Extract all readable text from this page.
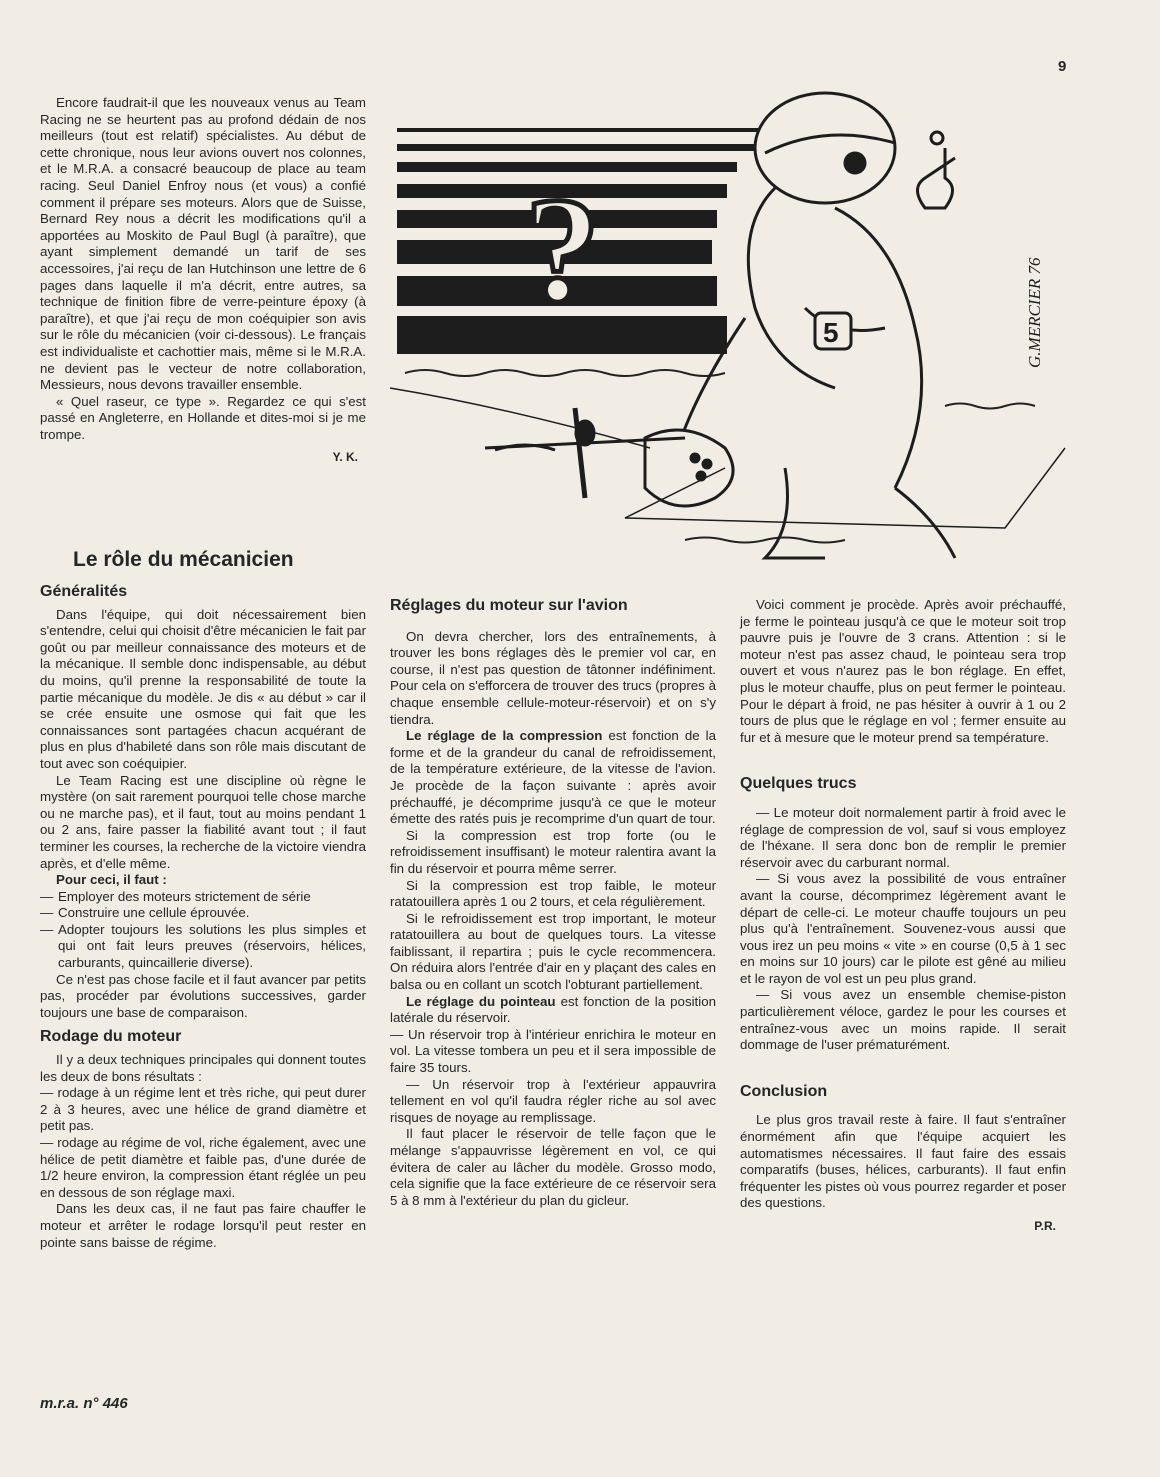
9

Encore faudrait-il que les nouveaux venus au Team Racing ne se heurtent pas au profond dédain de nos meilleurs (tout est relatif) spécialistes. Au début de cette chronique, nous leur avions ouvert nos colonnes, et le M.R.A. a consacré beaucoup de place au team racing. Seul Daniel Enfroy nous (et vous) a confié comment il prépare ses moteurs. Alors que de Suisse, Bernard Rey nous a décrit les modifications qu'il a apportées au Moskito de Paul Bugl (à paraître), que ayant simplement demandé un tarif de ses accessoires, j'ai reçu de Ian Hutchinson une lettre de 6 pages dans laquelle il m'a décrit, entre autres, sa technique de finition fibre de verre-peinture époxy (à paraître), et que j'ai reçu de mon coéquipier son avis sur le rôle du mécanicien (voir ci-dessous). Le français est individualiste et cachottier mais, même si le M.R.A. ne devient pas le vecteur de notre collaboration, Messieurs, nous devons travailler ensemble.

« Quel raseur, ce type ». Regardez ce qui s'est passé en Angleterre, en Hollande et dites-moi si je me trompe.

Y. K.

?	5	G.MERCIER 76
Le rôle du mécanicien
Généralités

Dans l'équipe, qui doit nécessairement bien s'entendre, celui qui choisit d'être mécanicien le fait par goût ou par meilleur connaissance des moteurs et de la mécanique. Il semble donc indispensable, au début du moins, qu'il prenne la responsabilité de toute la partie mécanique du modèle. Je dis « au début » car il se crée ensuite une osmose qui fait que les connaissances sont partagées chacun acquérant de plus en plus d'habileté dans son rôle mais discutant de tout avec son coéquipier.

Le Team Racing est une discipline où règne le mystère (on sait rarement pourquoi telle chose marche ou ne marche pas), et il faut, tout au moins pendant 1 ou 2 ans, faire passer la fiabilité avant tout ; il faut terminer les courses, la recherche de la victoire viendra après, et d'elle même.

Pour ceci, il faut :

— Employer des moteurs strictement de série

— Construire une cellule éprouvée.

— Adopter toujours les solutions les plus simples et qui ont fait leurs preuves (réservoirs, hélices, carburants, quincaillerie diverse).

Ce n'est pas chose facile et il faut avancer par petits pas, procéder par évolutions successives, garder toujours une base de comparaison.

Rodage du moteur

Il y a deux techniques principales qui donnent toutes les deux de bons résultats :

— rodage à un régime lent et très riche, qui peut durer 2 à 3 heures, avec une hélice de grand diamètre et petit pas.

— rodage au régime de vol, riche également, avec une hélice de petit diamètre et faible pas, d'une durée de 1/2 heure environ, la compression étant réglée un peu en dessous de son réglage maxi.

Dans les deux cas, il ne faut pas faire chauffer le moteur et arrêter le rodage lorsqu'il peut rester en pointe sans baisse de régime.

Réglages du moteur sur l'avion

On devra chercher, lors des entraînements, à trouver les bons réglages dès le premier vol car, en course, il n'est pas question de tâtonner indéfiniment. Pour cela on s'efforcera de trouver des trucs (propres à chaque ensemble cellule-moteur-réservoir) et on s'y tiendra.

Le réglage de la compression est fonction de la forme et de la grandeur du canal de refroidissement, de la température extérieure, de la vitesse de l'avion. Je procède de la façon suivante : après avoir préchauffé, je décomprime jusqu'à ce que le moteur émette des ratés puis je recomprime d'un quart de tour.

Si la compression est trop forte (ou le refroidissement insuffisant) le moteur ralentira avant la fin du réservoir et pourra même serrer.

Si la compression est trop faible, le moteur ratatouillera après 1 ou 2 tours, et cela régulièrement.

Si le refroidissement est trop important, le moteur ratatouillera au bout de quelques tours. La vitesse faiblissant, il repartira ; puis le cycle recommencera. On réduira alors l'entrée d'air en y plaçant des cales en balsa ou en collant un scotch l'obturant partiellement.

Le réglage du pointeau est fonction de la position latérale du réservoir.

— Un réservoir trop à l'intérieur enrichira le moteur en vol. La vitesse tombera un peu et il sera impossible de faire 35 tours.

— Un réservoir trop à l'extérieur appauvrira tellement en vol qu'il faudra régler riche au sol avec risques de noyage au remplissage.

Il faut placer le réservoir de telle façon que le mélange s'appauvrisse légèrement en vol, ce qui évitera de caler au lâcher du modèle. Grosso modo, cela signifie que la face extérieure de ce réservoir sera 5 à 8 mm à l'extérieur du plan du gicleur.

Voici comment je procède. Après avoir préchauffé, je ferme le pointeau jusqu'à ce que le moteur soit trop pauvre puis je l'ouvre de 3 crans. Attention : si le moteur n'est pas assez chaud, le pointeau sera trop ouvert et vous n'aurez pas le bon réglage. En effet, plus le moteur chauffe, plus on peut fermer le pointeau. Pour le départ à froid, ne pas hésiter à ouvrir à 1 ou 2 tours de plus que le réglage en vol ; fermer ensuite au fur et à mesure que le moteur prend sa température.

Quelques trucs

— Le moteur doit normalement partir à froid avec le réglage de compression de vol, sauf si vous employez de l'héxane. Il sera donc bon de remplir le premier réservoir avec du carburant normal.

— Si vous avez la possibilité de vous entraîner avant la course, décomprimez légèrement avant le départ de celle-ci. Le moteur chauffe toujours un peu plus qu'à l'entraînement. Souvenez-vous aussi que vous irez un peu moins « vite » en course (0,5 à 1 sec en moins sur 10 jours) car le pilote est gêné au milieu et le rayon de vol est un peu plus grand.

— Si vous avez un ensemble chemise-piston particulièrement véloce, gardez le pour les courses et entraînez-vous avec un moins rapide. Il serait dommage de l'user prématurément.

Conclusion

Le plus gros travail reste à faire. Il faut s'entraîner énormément afin que l'équipe acquiert les automatismes nécessaires. Il faut faire des essais comparatifs (buses, hélices, carburants). Il faut enfin fréquenter les pistes où vous pourrez regarder et poser des questions.

P.R.

m.r.a. n° 446
